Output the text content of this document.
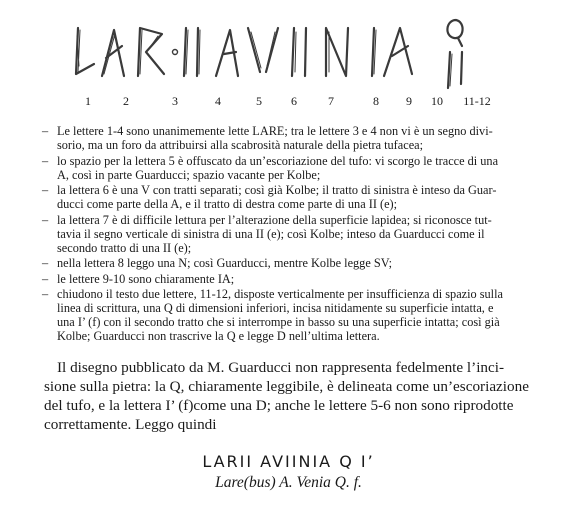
1	2	3	4	5 6	7	8 9 10 11-12
– Le lettere 1-4 sono unanimemente lette LARE; tra le lettere 3 e 4 non vi è un segno divi-
sorio, ma un foro da attribuirsi alla scabrosità naturale della pietra tufacea;
– lo spazio per la lettera 5 è offuscato da un’escoriazione del tufo: vi scorgo le tracce di una
A, così in parte Guarducci; spazio vacante per Kolbe;
– la lettera 6 è una V con tratti separati; così già Kolbe; il tratto di sinistra è inteso da Guar-
ducci come parte della A, e il tratto di destra come parte di una II (e);
– la lettera 7 è di difficile lettura per l’alterazione della superficie lapidea; si riconosce tut-
tavia il segno verticale di sinistra di una II (e); così Kolbe; inteso da Guarducci come il
secondo tratto di una II (e);
– nella lettera 8 leggo una N; così Guarducci, mentre Kolbe legge SV;
– le lettere 9-10 sono chiaramente IA;
– chiudono il testo due lettere, 11-12, disposte verticalmente per insufficienza di spazio sulla
linea di scrittura, una Q di dimensioni inferiori, incisa nitidamente su superficie intatta, e
una I’ (f) con il secondo tratto che si interrompe in basso su una superficie intatta; così già
Kolbe; Guarducci non trascrive la Q e legge D nell’ultima lettera.

Il disegno pubblicato da M. Guarducci non rappresenta fedelmente l’inci-
sione sulla pietra: la Q, chiaramente leggibile, è delineata come un’escoriazione
del tufo, e la lettera I’ (f)come una D; anche le lettere 5-6 non sono riprodotte
correttamente. Leggo quindi

LARII AVIINIA Q I’
Lare(bus) A. Venia Q. f.
